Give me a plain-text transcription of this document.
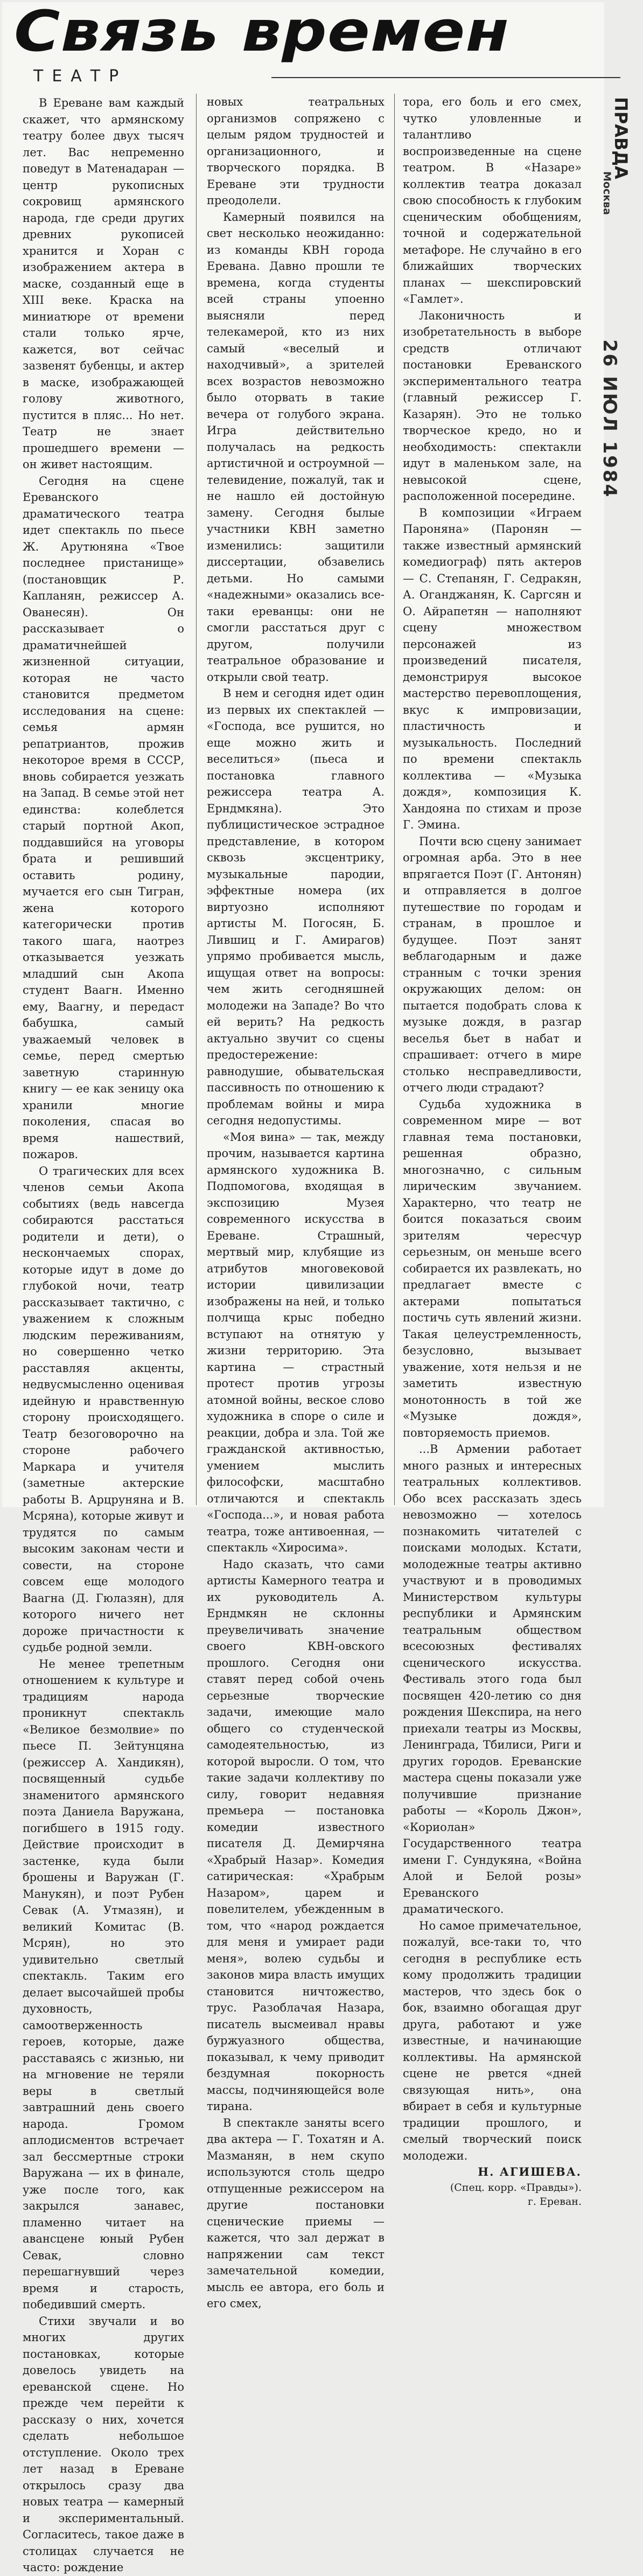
Связь времен
ТЕАТР

В Ереване вам каждый скажет, что армянскому театру более двух тысяч лет. Вас непременно поведут в Матенадаран — центр рукописных сокровищ армянского народа, где среди других древних рукописей хранится и Хоран с изображением актера в маске, созданный еще в XIII веке. Краска на миниатюре от времени стали только ярче, кажется, вот сейчас зазвенят бубенцы, и актер в маске, изображающей голову животного, пустится в пляс... Но нет. Театр не знает прошедшего времени — он живет настоящим.

Сегодня на сцене Ереванского драматического театра идет спектакль по пьесе Ж. Арутюняна «Твое последнее пристанище» (постановщик Р. Капланян, режиссер А. Ованесян). Он рассказывает о драматичнейшей жизненной ситуации, которая не часто становится предметом исследования на сцене: семья армян репатриантов, прожив некоторое время в СССР, вновь собирается уезжать на Запад. В семье этой нет единства: колеблется старый портной Акоп, поддавшийся на уговоры брата и решивший оставить родину, мучается его сын Тигран, жена которого категорически против такого шага, наотрез отказывается уезжать младший сын Акопа студент Ваагн. Именно ему, Ваагну, и передаст бабушка, самый уважаемый человек в семье, перед смертью заветную старинную книгу — ее как зеницу ока хранили многие поколения, спасая во время нашествий, пожаров.

О трагических для всех членов семьи Акопа событиях (ведь навсегда собираются расстаться родители и дети), о нескончаемых спорах, которые идут в доме до глубокой ночи, театр рассказывает тактично, с уважением к сложным людским переживаниям, но совершенно четко расставляя акценты, недвусмысленно оценивая идейную и нравственную сторону происходящего. Театр безоговорочно на стороне рабочего Маркара и учителя (заметные актерские работы В. Арцруняна и В. Мсряна), которые живут и трудятся по самым высоким законам чести и совести, на стороне совсем еще молодого Ваагна (Д. Гюлазян), для которого ничего нет дороже причастности к судьбе родной земли.

Не менее трепетным отношением к культуре и традициям народа проникнут спектакль «Великое безмолвие» по пьесе П. Зейтунцяна (режиссер А. Хандикян), посвященный судьбе знаменитого армянского поэта Даниела Варужана, погибшего в 1915 году. Действие происходит в застенке, куда были брошены и Варужан (Г. Манукян), и поэт Рубен Севак (А. Утмазян), и великий Комитас (В. Мсрян), но это удивительно светлый спектакль. Таким его делает высочайшей пробы духовность, самоотверженность героев, которые, даже расставаясь с жизнью, ни на мгновение не теряли веры в светлый завтрашний день своего народа. Громом аплодисментов встречает зал бессмертные строки Варужана — их в финале, уже после того, как закрылся занавес, пламенно читает на авансцене юный Рубен Севак, словно перешагнувший через время и старость, победивший смерть.

Стихи звучали и во многих других постановках, которые довелось увидеть на ереванской сцене. Но прежде чем перейти к рассказу о них, хочется сделать небольшое отступление. Около трех лет назад в Ереване открылось сразу два новых театра — камерный и экспериментальный. Согласитесь, такое даже в столицах случается не часто: рождение

новых театральных организмов сопряжено с целым рядом трудностей и организационного, и творческого порядка. В Ереване эти трудности преодолели.

Камерный появился на свет несколько неожиданно: из команды КВН города Еревана. Давно прошли те времена, когда студенты всей страны упоенно выясняли перед телекамерой, кто из них самый «веселый и находчивый», а зрителей всех возрастов невозможно было оторвать в такие вечера от голубого экрана. Игра действительно получалась на редкость артистичной и остроумной — телевидение, пожалуй, так и не нашло ей достойную замену. Сегодня былые участники КВН заметно изменились: защитили диссертации, обзавелись детьми. Но самыми «надежными» оказались все-таки ереванцы: они не смогли расстаться друг с другом, получили театральное образование и открыли свой театр.

В нем и сегодня идет один из первых их спектаклей — «Господа, все рушится, но еще можно жить и веселиться» (пьеса и постановка главного режиссера театра А. Ерндмкяна). Это публицистическое эстрадное представление, в котором сквозь эксцентрику, музыкальные пародии, эффектные номера (их виртуозно исполняют артисты М. Погосян, Б. Лившиц и Г. Амирагов) упрямо пробивается мысль, ищущая ответ на вопросы: чем жить сегодняшней молодежи на Западе? Во что ей верить? На редкость актуально звучит со сцены предостережение: равнодушие, обывательская пассивность по отношению к проблемам войны и мира сегодня недопустимы.

«Моя вина» — так, между прочим, называется картина армянского художника В. Подпомогова, входящая в экспозицию Музея современного искусства в Ереване. Страшный, мертвый мир, клубящие из атрибутов многовековой истории цивилизации изображены на ней, и только полчища крыс победно вступают на отнятую у жизни территорию. Эта картина — страстный протест против угрозы атомной войны, веское слово художника в споре о силе и реакции, добра и зла. Той же гражданской активностью, умением мыслить философски, масштабно отличаются и спектакль «Господа...», и новая работа театра, тоже антивоенная, — спектакль «Хиросима».

Надо сказать, что сами артисты Камерного театра и их руководитель А. Ерндмкян не склонны преувеличивать значение своего КВН-овского прошлого. Сегодня они ставят перед собой очень серьезные творческие задачи, имеющие мало общего со студенческой самодеятельностью, из которой выросли. О том, что такие задачи коллективу по силу, говорит недавняя премьера — постановка комедии известного писателя Д. Демирчяна «Храбрый Назар». Комедия сатирическая: «Храбрым Назаром», царем и повелителем, убежденным в том, что «народ рождается для меня и умирает ради меня», волею судьбы и законов мира власть имущих становится ничтожество, трус. Разоблачая Назара, писатель высмеивал нравы буржуазного общества, показывал, к чему приводит бездумная покорность массы, подчиняющейся воле тирана.

В спектакле заняты всего два актера — Г. Тохатян и А. Мазманян, в нем скупо используются столь щедро отпущенные режиссером на другие постановки сценические приемы — кажется, что зал держат в напряжении сам текст замечательной комедии, мысль ее автора, его боль и его смех,

тора, его боль и его смех, чутко уловленные и талантливо воспроизведенные на сцене театром. В «Назаре» коллектив театра доказал свою способность к глубоким сценическим обобщениям, точной и содержательной метафоре. Не случайно в его ближайших творческих планах — шекспировский «Гамлет».

Лаконичность и изобретательность в выборе средств отличают постановки Ереванского экспериментального театра (главный режиссер Г. Казарян). Это не только творческое кредо, но и необходимость: спектакли идут в маленьком зале, на невысокой сцене, расположенной посередине.

В композиции «Играем Пароняна» (Паронян — также известный армянский комедиограф) пять актеров — С. Степанян, Г. Седракян, А. Оганджанян, К. Саргсян и О. Айрапетян — наполняют сцену множеством персонажей из произведений писателя, демонстрируя высокое мастерство перевоплощения, вкус к импровизации, пластичность и музыкальность. Последний по времени спектакль коллектива — «Музыка дождя», композиция К. Хандояна по стихам и прозе Г. Эмина.

Почти всю сцену занимает огромная арба. Это в нее впрягается Поэт (Г. Антонян) и отправляется в долгое путешествие по городам и странам, в прошлое и будущее. Поэт занят веблагодарным и даже странным с точки зрения окружающих делом: он пытается подобрать слова к музыке дождя, в разгар веселья бьет в набат и спрашивает: отчего в мире столько несправедливости, отчего люди страдают?

Судьба художника в современном мире — вот главная тема постановки, решенная образно, многозначно, с сильным лирическим звучанием. Характерно, что театр не боится показаться своим зрителям чересчур серьезным, он меньше всего собирается их развлекать, но предлагает вместе с актерами попытаться постичь суть явлений жизни. Такая целеустремленность, безусловно, вызывает уважение, хотя нельзя и не заметить известную монотонность в той же «Музыке дождя», повторяемость приемов.

...В Армении работает много разных и интересных театральных коллективов. Обо всех рассказать здесь невозможно — хотелось познакомить читателей с поисками молодых. Кстати, молодежные театры активно участвуют и в проводимых Министерством культуры республики и Армянским театральным обществом всесоюзных фестивалях сценического искусства. Фестиваль этого года был посвящен 420-летию со дня рождения Шекспира, на него приехали театры из Москвы, Ленинграда, Тбилиси, Риги и других городов. Ереванские мастера сцены показали уже получившие признание работы — «Король Джон», «Кориолан» Государственного театра имени Г. Сундукяна, «Война Алой и Белой розы» Ереванского драматического.

Но самое примечательное, пожалуй, все-таки то, что сегодня в республике есть кому продолжить традиции мастеров, что здесь бок о бок, взаимно обогащая друг друга, работают и уже известные, и начинающие коллективы. На армянской сцене не рвется «дней связующая нить», она вбирает в себя и культурные традиции прошлого, и смелый творческий поиск молодежи.

Н. АГИШЕВА.

(Спец. корр. «Правды»).

г. Ереван.

ПРАВДА
Москва
26 ИЮЛ 1984
